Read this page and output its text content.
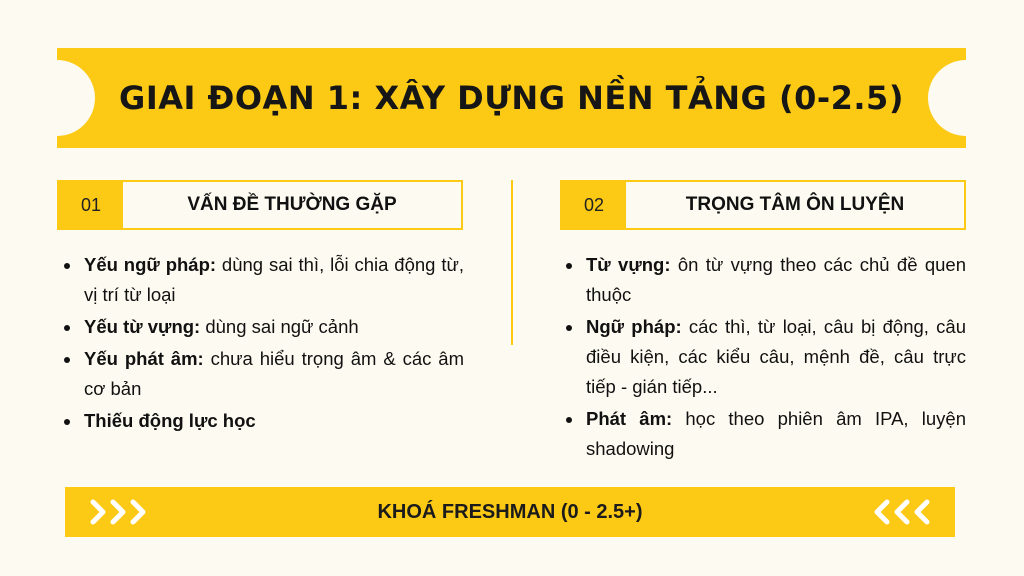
GIAI ĐOẠN 1: XÂY DỰNG NỀN TẢNG (0-2.5)
01	VẤN ĐỀ THƯỜNG GẶP	02	TRỌNG TÂM ÔN LUYỆN
• Yếu ngữ pháp: dùng sai thì, lỗi chia động từ, vị trí từ loại
• Yếu từ vựng: dùng sai ngữ cảnh
• Yếu phát âm: chưa hiểu trọng âm & các âm cơ bản
• Thiếu động lực học
• Từ vựng: ôn từ vựng theo các chủ đề quen thuộc
• Ngữ pháp: các thì, từ loại, câu bị động, câu điều kiện, các kiểu câu, mệnh đề, câu trực tiếp - gián tiếp...
• Phát âm: học theo phiên âm IPA, luyện shadowing
KHOÁ FRESHMAN (0 - 2.5+)
